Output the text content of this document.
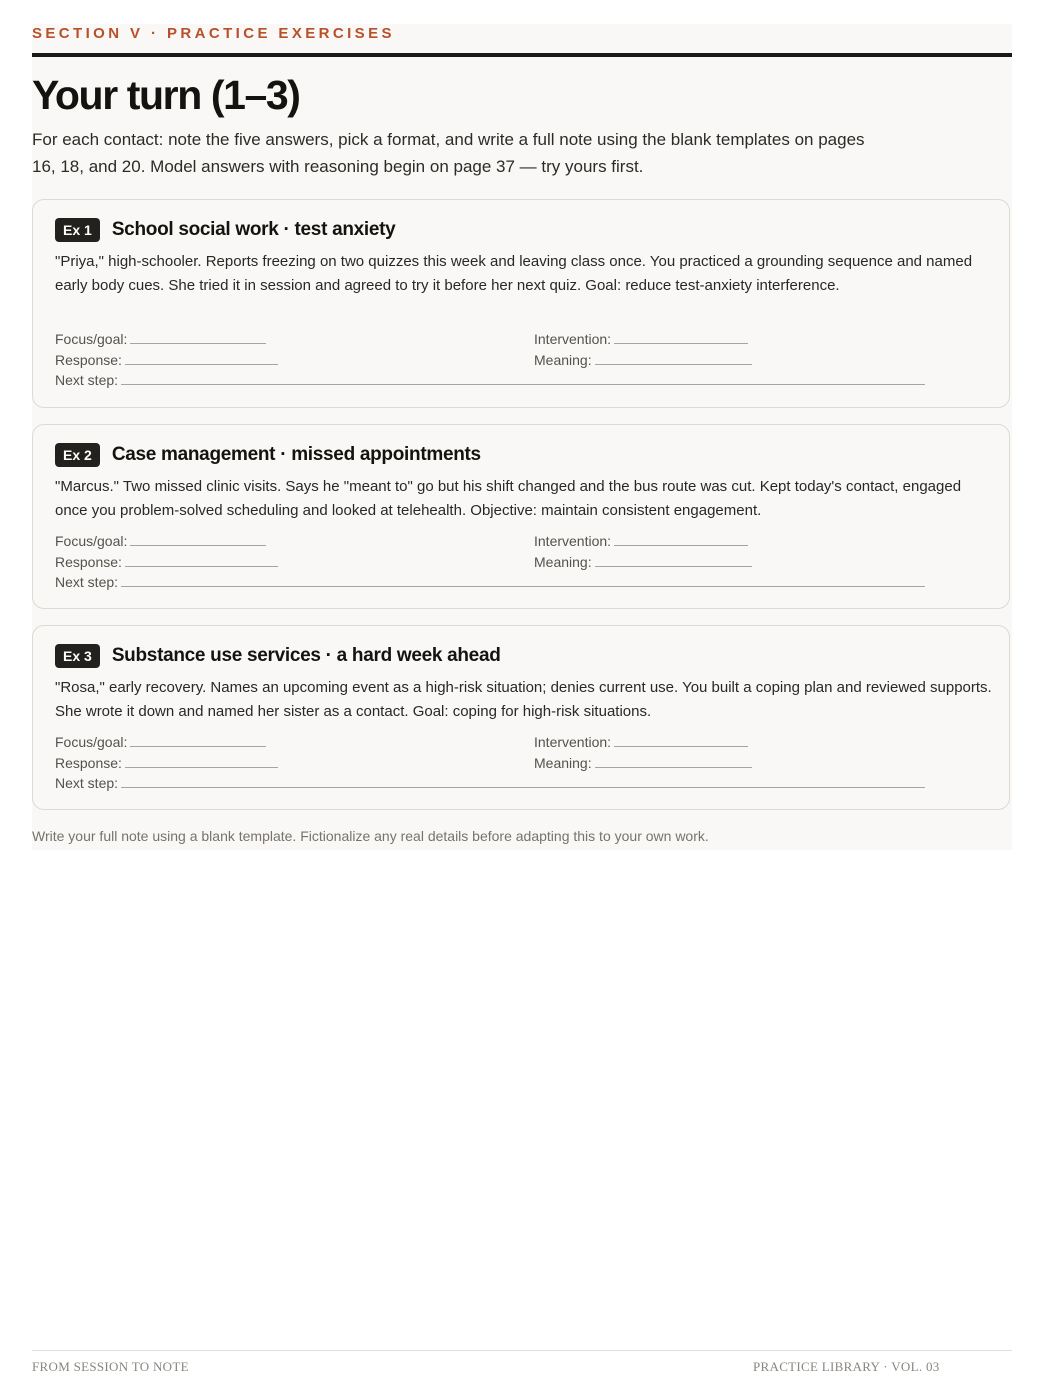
SECTION V · PRACTICE EXERCISES
Your turn (1–3)

For each contact: note the five answers, pick a format, and write a full note using the blank templates on pages 16, 18, and 20. Model answers with reasoning begin on page 37 — try yours first.

Ex 1	School social work · test anxiety

"Priya," high-schooler. Reports freezing on two quizzes this week and leaving class once. You practiced a grounding sequence and named early body cues. She tried it in session and agreed to try it before her next quiz. Goal: reduce test-anxiety interference.

Focus/goal:	Intervention:
Response:	Meaning:
Next step:
Ex 2	Case management · missed appointments

"Marcus." Two missed clinic visits. Says he "meant to" go but his shift changed and the bus route was cut. Kept today's contact, engaged once you problem-solved scheduling and looked at telehealth. Objective: maintain consistent engagement.

Focus/goal:	Intervention:
Response:	Meaning:
Next step:
Ex 3	Substance use services · a hard week ahead

"Rosa," early recovery. Names an upcoming event as a high-risk situation; denies current use. You built a coping plan and reviewed supports. She wrote it down and named her sister as a contact. Goal: coping for high-risk situations.

Focus/goal:	Intervention:
Response:	Meaning:
Next step:

Write your full note using a blank template. Fictionalize any real details before adapting this to your own work.

FROM SESSION TO NOTE	PRACTICE LIBRARY · VOL. 03
